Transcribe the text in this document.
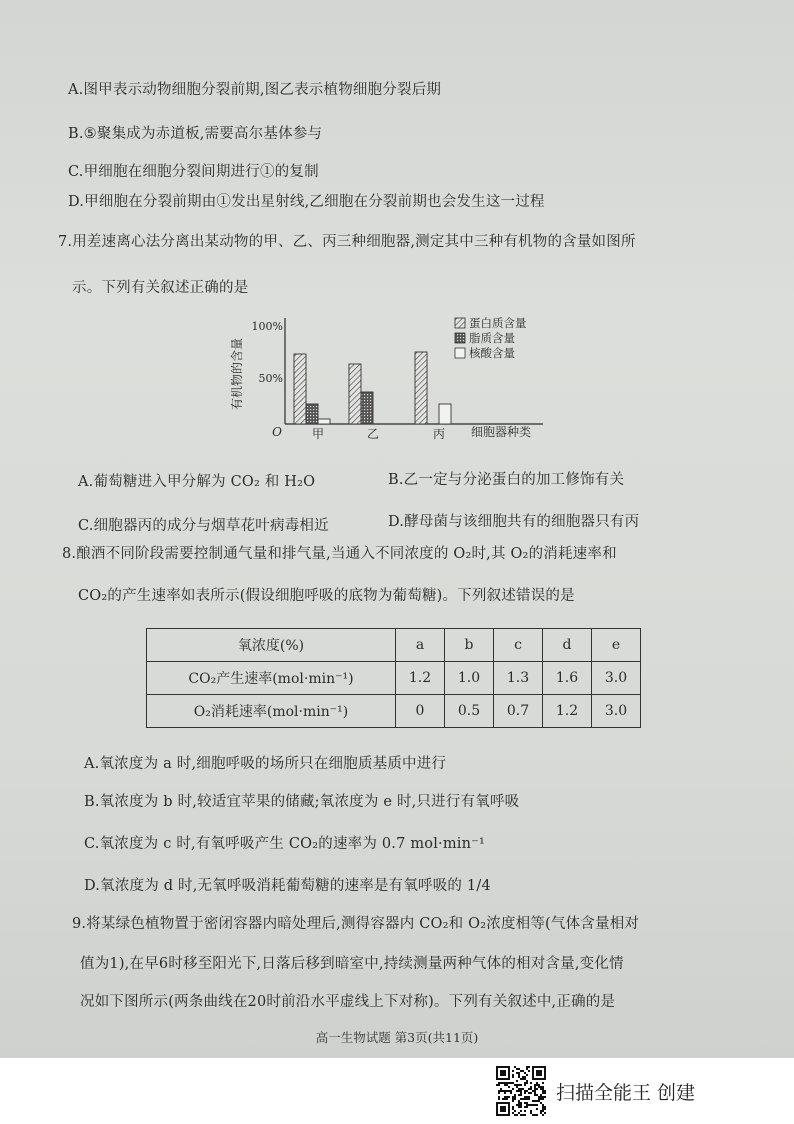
A.图甲表示动物细胞分裂前期,图乙表示植物细胞分裂后期
B.⑤聚集成为赤道板,需要高尔基体参与
C.甲细胞在细胞分裂间期进行①的复制
D.甲细胞在分裂前期由①发出星射线,乙细胞在分裂前期也会发生这一过程
7.用差速离心法分离出某动物的甲、乙、丙三种细胞器,测定其中三种有机物的含量如图所
示。下列有关叙述正确的是
有机物的含量
100%
50%
O	甲	乙	丙 细胞器种类
蛋白质含量
脂质含量
核酸含量
A.葡萄糖进入甲分解为 CO₂ 和 H₂O	B.乙一定与分泌蛋白的加工修饰有关
C.细胞器丙的成分与烟草花叶病毒相近	D.酵母菌与该细胞共有的细胞器只有丙
8.酿酒不同阶段需要控制通气量和排气量,当通入不同浓度的 O₂时,其 O₂的消耗速率和
CO₂的产生速率如表所示(假设细胞呼吸的底物为葡萄糖)。下列叙述错误的是
氧浓度(%)	a	b	c	d	e
CO₂产生速率(mol·min⁻¹)	1.2	1.0	1.3	1.6	3.0
O₂消耗速率(mol·min⁻¹)	0	0.5	0.7	1.2	3.0
A.氧浓度为 a 时,细胞呼吸的场所只在细胞质基质中进行
B.氧浓度为 b 时,较适宜苹果的储藏;氧浓度为 e 时,只进行有氧呼吸
C.氧浓度为 c 时,有氧呼吸产生 CO₂的速率为 0.7 mol·min⁻¹
D.氧浓度为 d 时,无氧呼吸消耗葡萄糖的速率是有氧呼吸的 1/4
9.将某绿色植物置于密闭容器内暗处理后,测得容器内 CO₂和 O₂浓度相等(气体含量相对
值为1),在早6时移至阳光下,日落后移到暗室中,持续测量两种气体的相对含量,变化情
况如下图所示(两条曲线在20时前沿水平虚线上下对称)。下列有关叙述中,正确的是
高一生物试题 第3页(共11页)
扫描全能王 创建
